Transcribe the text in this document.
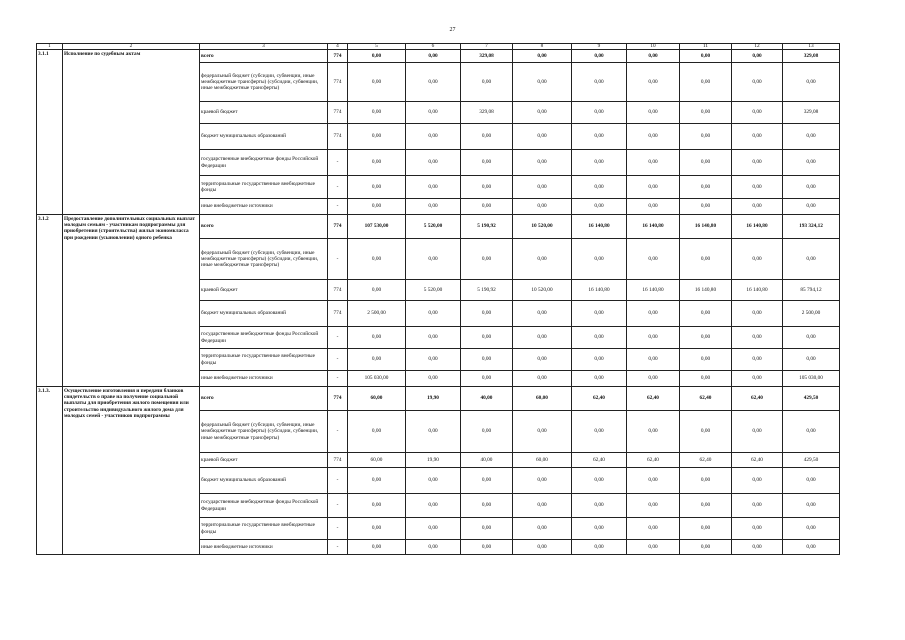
27
1	2	3	4	5	6	7	8	9	10	11	12	13
3.1.1	Исполнение по судебным актам	всего	774	0,00	0,00	329,08	0,00	0,00	0,00	0,00	0,00	329,08
		федеральный бюджет (субсидии, субвенции, иные межбюджетные трансферты) (субсидии, субвенции, иные межбюджетные трансферты)	774	0,00	0,00	0,00	0,00	0,00	0,00	0,00	0,00	0,00
		краевой бюджет	774	0,00	0,00	329,08	0,00	0,00	0,00	0,00	0,00	329,08
		бюджет муниципальных образований	774	0,00	0,00	0,00	0,00	0,00	0,00	0,00	0,00	0,00
		государственные внебюджетные фонды Российской Федерации	-	0,00	0,00	0,00	0,00	0,00	0,00	0,00	0,00	0,00
		территориальные государственные внебюджетные фонды	-	0,00	0,00	0,00	0,00	0,00	0,00	0,00	0,00	0,00
		иные внебюджетные источники	-	0,00	0,00	0,00	0,00	0,00	0,00	0,00	0,00	0,00
3.1.2	Предоставление дополнительных социальных выплат молодым семьям - участникам подпрограммы для приобретения (строительства) жилья экономкласса при рождении (усыновлении) одного ребенка	всего	774	107 530,00	5 520,00	5 190,92	10 520,00	16 140,80	16 140,80	16 140,80	16 140,80	193 324,12
		федеральный бюджет (субсидии, субвенции, иные межбюджетные трансферты) (субсидии, субвенции, иные межбюджетные трансферты)	-	0,00	0,00	0,00	0,00	0,00	0,00	0,00	0,00	0,00
		краевой бюджет	774	0,00	5 520,00	5 190,92	10 520,00	16 140,80	16 140,80	16 140,80	16 140,80	85 794,12
		бюджет муниципальных образований	774	2 500,00	0,00	0,00	0,00	0,00	0,00	0,00	0,00	2 500,00
		государственные внебюджетные фонды Российской Федерации	-	0,00	0,00	0,00	0,00	0,00	0,00	0,00	0,00	0,00
		территориальные государственные внебюджетные фонды	-	0,00	0,00	0,00	0,00	0,00	0,00	0,00	0,00	0,00
		иные внебюджетные источники	-	105 030,00	0,00	0,00	0,00	0,00	0,00	0,00	0,00	105 030,00
3.1.3.	Осуществление изготовления и передачи бланков свидетельств о праве на получение социальной выплаты для приобретения жилого помещения или строительство индивидуального жилого дома для молодых семей - участников подпрограммы	всего	774	60,00	19,90	40,00	60,00	62,40	62,40	62,40	62,40	429,50
		федеральный бюджет (субсидии, субвенции, иные межбюджетные трансферты) (субсидии, субвенции, иные межбюджетные трансферты)	-	0,00	0,00	0,00	0,00	0,00	0,00	0,00	0,00	0,00
		краевой бюджет	774	60,00	19,90	40,00	60,00	62,40	62,40	62,40	62,40	429,50
		бюджет муниципальных образований	-	0,00	0,00	0,00	0,00	0,00	0,00	0,00	0,00	0,00
		государственные внебюджетные фонды Российской Федерации	-	0,00	0,00	0,00	0,00	0,00	0,00	0,00	0,00	0,00
		территориальные государственные внебюджетные фонды	-	0,00	0,00	0,00	0,00	0,00	0,00	0,00	0,00	0,00
		иные внебюджетные источники	-	0,00	0,00	0,00	0,00	0,00	0,00	0,00	0,00	0,00
